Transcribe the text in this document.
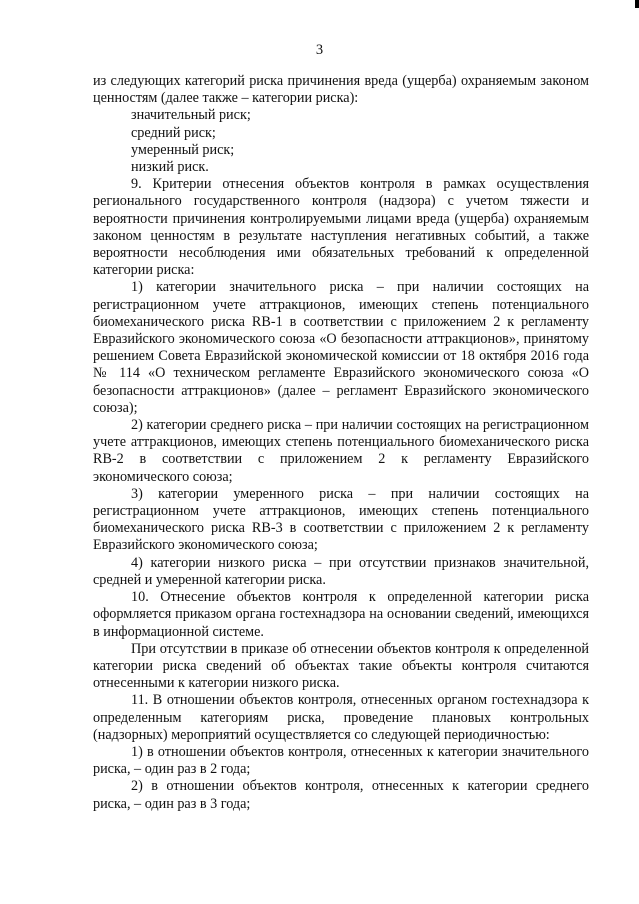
3

из следующих категорий риска причинения вреда (ущерба) охраняемым законом ценностям (далее также – категории риска):

значительный риск;

средний риск;

умеренный риск;

низкий риск.

9. Критерии отнесения объектов контроля в рамках осуществления регионального государственного контроля (надзора) с учетом тяжести и вероятности причинения контролируемыми лицами вреда (ущерба) охраняемым законом ценностям в результате наступления негативных событий, а также вероятности несоблюдения ими обязательных требований к определенной категории риска:

1) категории значительного риска – при наличии состоящих на регистрационном учете аттракционов, имеющих степень потенциального биомеханического риска RB-1 в соответствии с приложением 2 к регламенту Евразийского экономического союза «О безопасности аттракционов», принятому решением Совета Евразийской экономической комиссии от 18 октября 2016 года № 114 «О техническом регламенте Евразийского экономического союза «О безопасности аттракционов» (далее – регламент Евразийского экономического союза);

2) категории среднего риска – при наличии состоящих на регистрационном учете аттракционов, имеющих степень потенциального биомеханического риска RB-2 в соответствии с приложением 2 к регламенту Евразийского экономического союза;

3) категории умеренного риска – при наличии состоящих на регистрационном учете аттракционов, имеющих степень потенциального биомеханического риска RB-3 в соответствии с приложением 2 к регламенту Евразийского экономического союза;

4) категории низкого риска – при отсутствии признаков значительной, средней и умеренной категории риска.

10. Отнесение объектов контроля к определенной категории риска оформляется приказом органа гостехнадзора на основании сведений, имеющихся в информационной системе.

При отсутствии в приказе об отнесении объектов контроля к определенной категории риска сведений об объектах такие объекты контроля считаются отнесенными к категории низкого риска.

11. В отношении объектов контроля, отнесенных органом гостехнадзора к определенным категориям риска, проведение плановых контрольных (надзорных) мероприятий осуществляется со следующей периодичностью:

1) в отношении объектов контроля, отнесенных к категории значительного риска, – один раз в 2 года;

2) в отношении объектов контроля, отнесенных к категории среднего риска, – один раз в 3 года;
